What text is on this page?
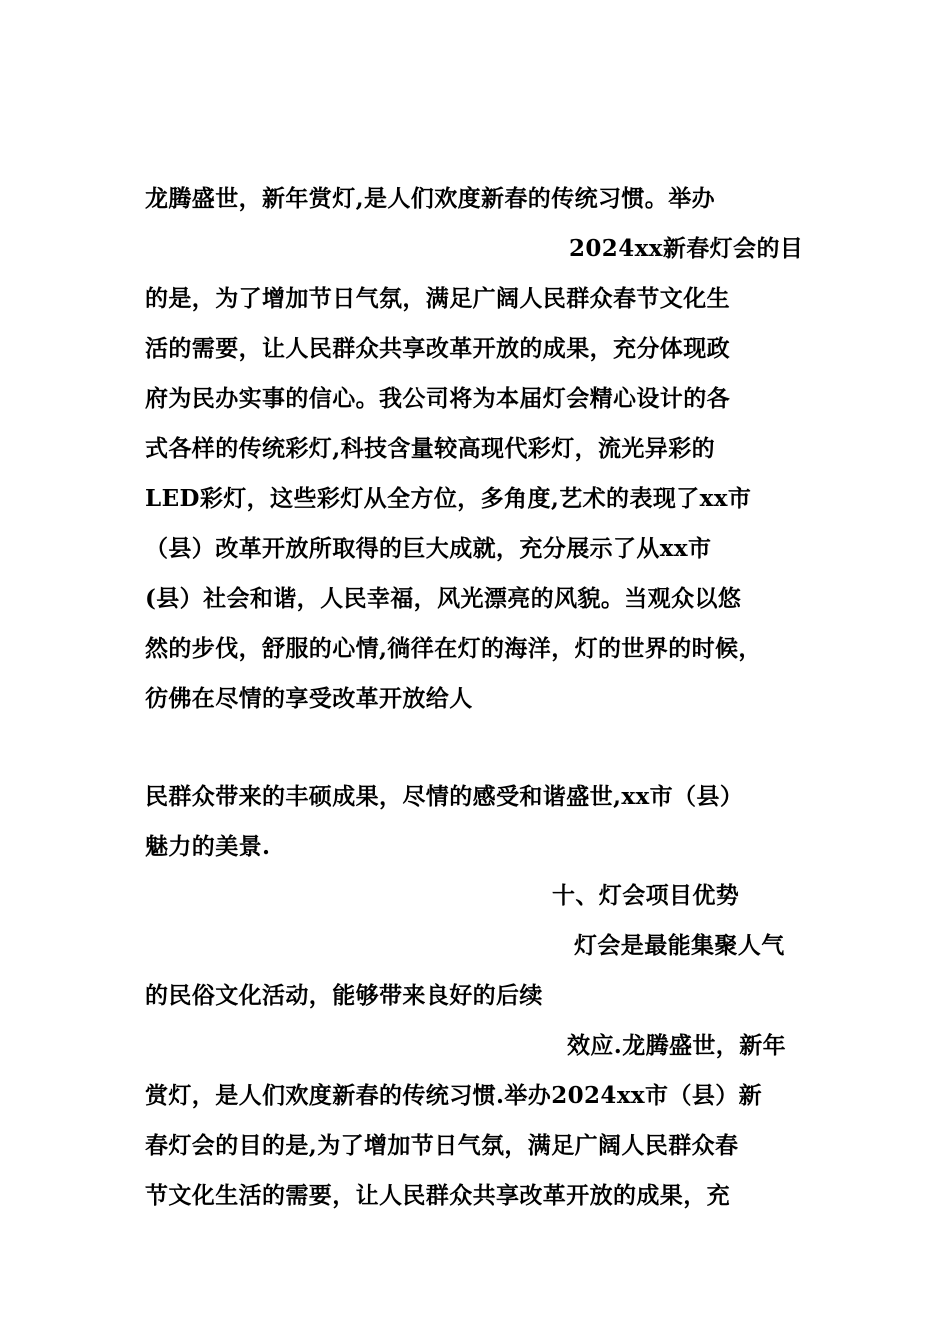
龙腾盛世，新年赏灯,是人们欢度新春的传统习惯。举办
2024xx新春灯会的目
的是，为了增加节日气氛，满足广阔人民群众春节文化生
活的需要，让人民群众共享改革开放的成果，充分体现政
府为民办实事的信心。我公司将为本届灯会精心设计的各
式各样的传统彩灯,科技含量较高现代彩灯，流光异彩的
LED彩灯，这些彩灯从全方位，多角度,艺术的表现了xx市
（县）改革开放所取得的巨大成就，充分展示了从xx市
(县）社会和谐，人民幸福，风光漂亮的风貌。当观众以悠
然的步伐，舒服的心情,徜徉在灯的海洋，灯的世界的时候，
彷佛在尽情的享受改革开放给人
民群众带来的丰硕成果，尽情的感受和谐盛世,xx市（县）
魅力的美景.
十、灯会项目优势
灯会是最能集聚人气
的民俗文化活动，能够带来良好的后续
效应.龙腾盛世，新年
赏灯，是人们欢度新春的传统习惯.举办2024xx市（县）新
春灯会的目的是,为了增加节日气氛，满足广阔人民群众春
节文化生活的需要，让人民群众共享改革开放的成果，充
